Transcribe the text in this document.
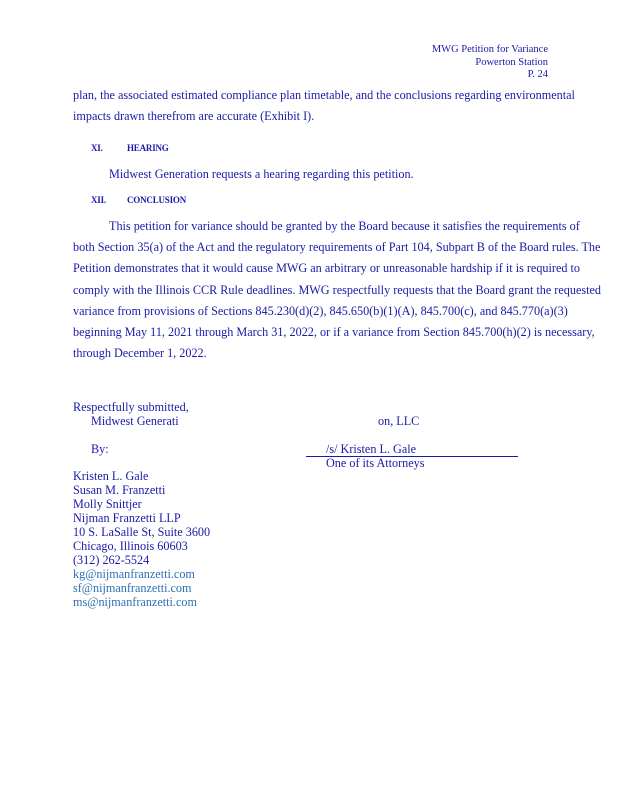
MWG Petition for Variance
Powerton Station
P. 24
plan, the associated estimated compliance plan timetable, and the conclusions regarding environmental impacts drawn therefrom are accurate (Exhibit I).
XI.	HEARING
Midwest Generation requests a hearing regarding this petition.
XII. CONCLUSION
This petition for variance should be granted by the Board because it satisfies the requirements of both Section 35(a) of the Act and the regulatory requirements of Part 104, Subpart B of the Board rules. The Petition demonstrates that it would cause MWG an arbitrary or unreasonable hardship if it is required to comply with the Illinois CCR Rule deadlines. MWG respectfully requests that the Board grant the requested variance from provisions of Sections 845.230(d)(2), 845.650(b)(1)(A), 845.700(c), and 845.770(a)(3) beginning May 11, 2021 through March 31, 2022, or if a variance from Section 845.700(h)(2) is necessary, through December 1, 2022.
Respectfully submitted,
Midwest Generati	on, LLC
By:	/s/ Kristen L. Gale
One of its Attorneys
Kristen L. Gale
Susan M. Franzetti
Molly Snittjer
Nijman Franzetti LLP
10 S. LaSalle St, Suite 3600
Chicago, Illinois 60603
(312) 262-5524
kg@nijmanfranzetti.com
sf@nijmanfranzetti.com
ms@nijmanfranzetti.com
